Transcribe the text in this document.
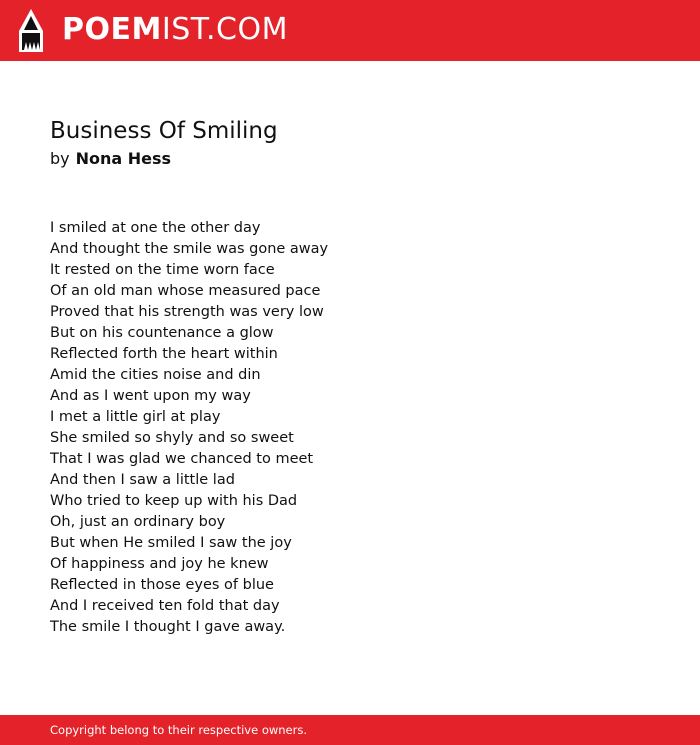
POEMIST.COM
Business Of Smiling
by Nona Hess
I smiled at one the other day
And thought the smile was gone away
It rested on the time worn face
Of an old man whose measured pace
Proved that his strength was very low
But on his countenance a glow
Reflected forth the heart within
Amid the cities noise and din
And as I went upon my way
I met a little girl at play
She smiled so shyly and so sweet
That I was glad we chanced to meet
And then I saw a little lad
Who tried to keep up with his Dad
Oh, just an ordinary boy
But when He smiled I saw the joy
Of happiness and joy he knew
Reflected in those eyes of blue
And I received ten fold that day
The smile I thought I gave away.
Copyright belong to their respective owners.
